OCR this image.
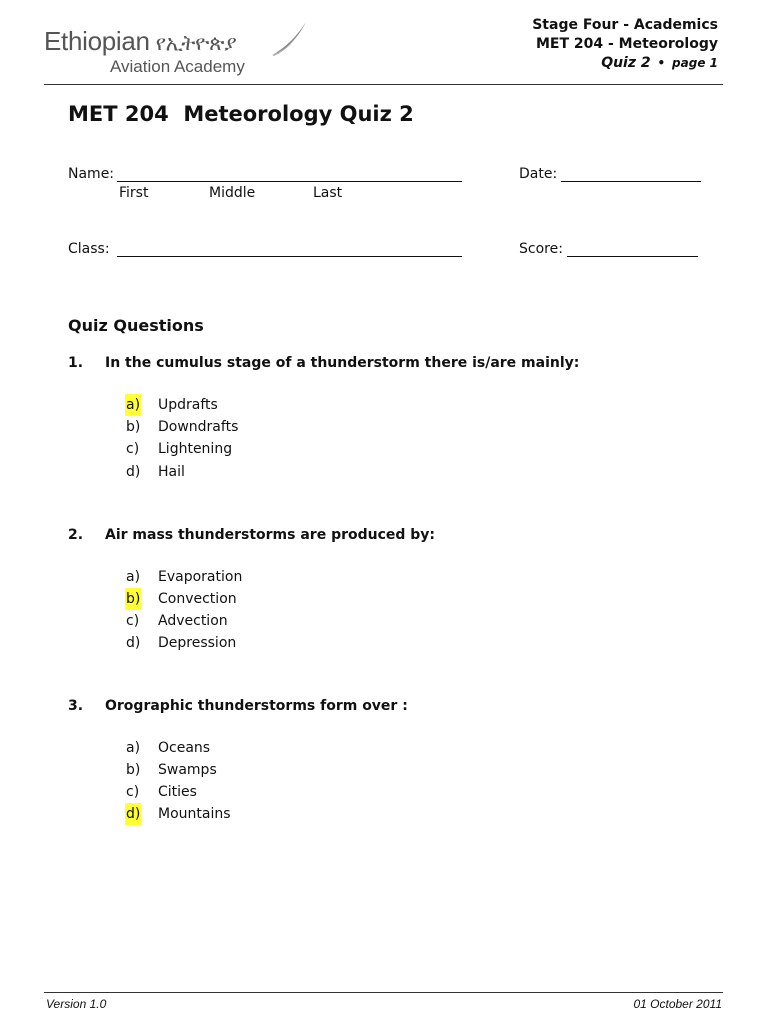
Ethiopian የኢትዮጵያ
Aviation Academy
Stage Four - Academics
MET 204 - Meteorology
Quiz 2 • page 1
MET 204  Meteorology Quiz 2
Name:
First	Middle	Last
Date:
Class:	Score:
Quiz Questions
1. In the cumulus stage of a thunderstorm there is/are mainly:
a) Updrafts
b) Downdrafts
c) Lightening
d) Hail
2. Air mass thunderstorms are produced by:
a) Evaporation
b) Convection
c) Advection
d) Depression
3. Orographic thunderstorms form over :
a) Oceans
b) Swamps
c) Cities
d) Mountains
Version 1.0	01 October 2011
